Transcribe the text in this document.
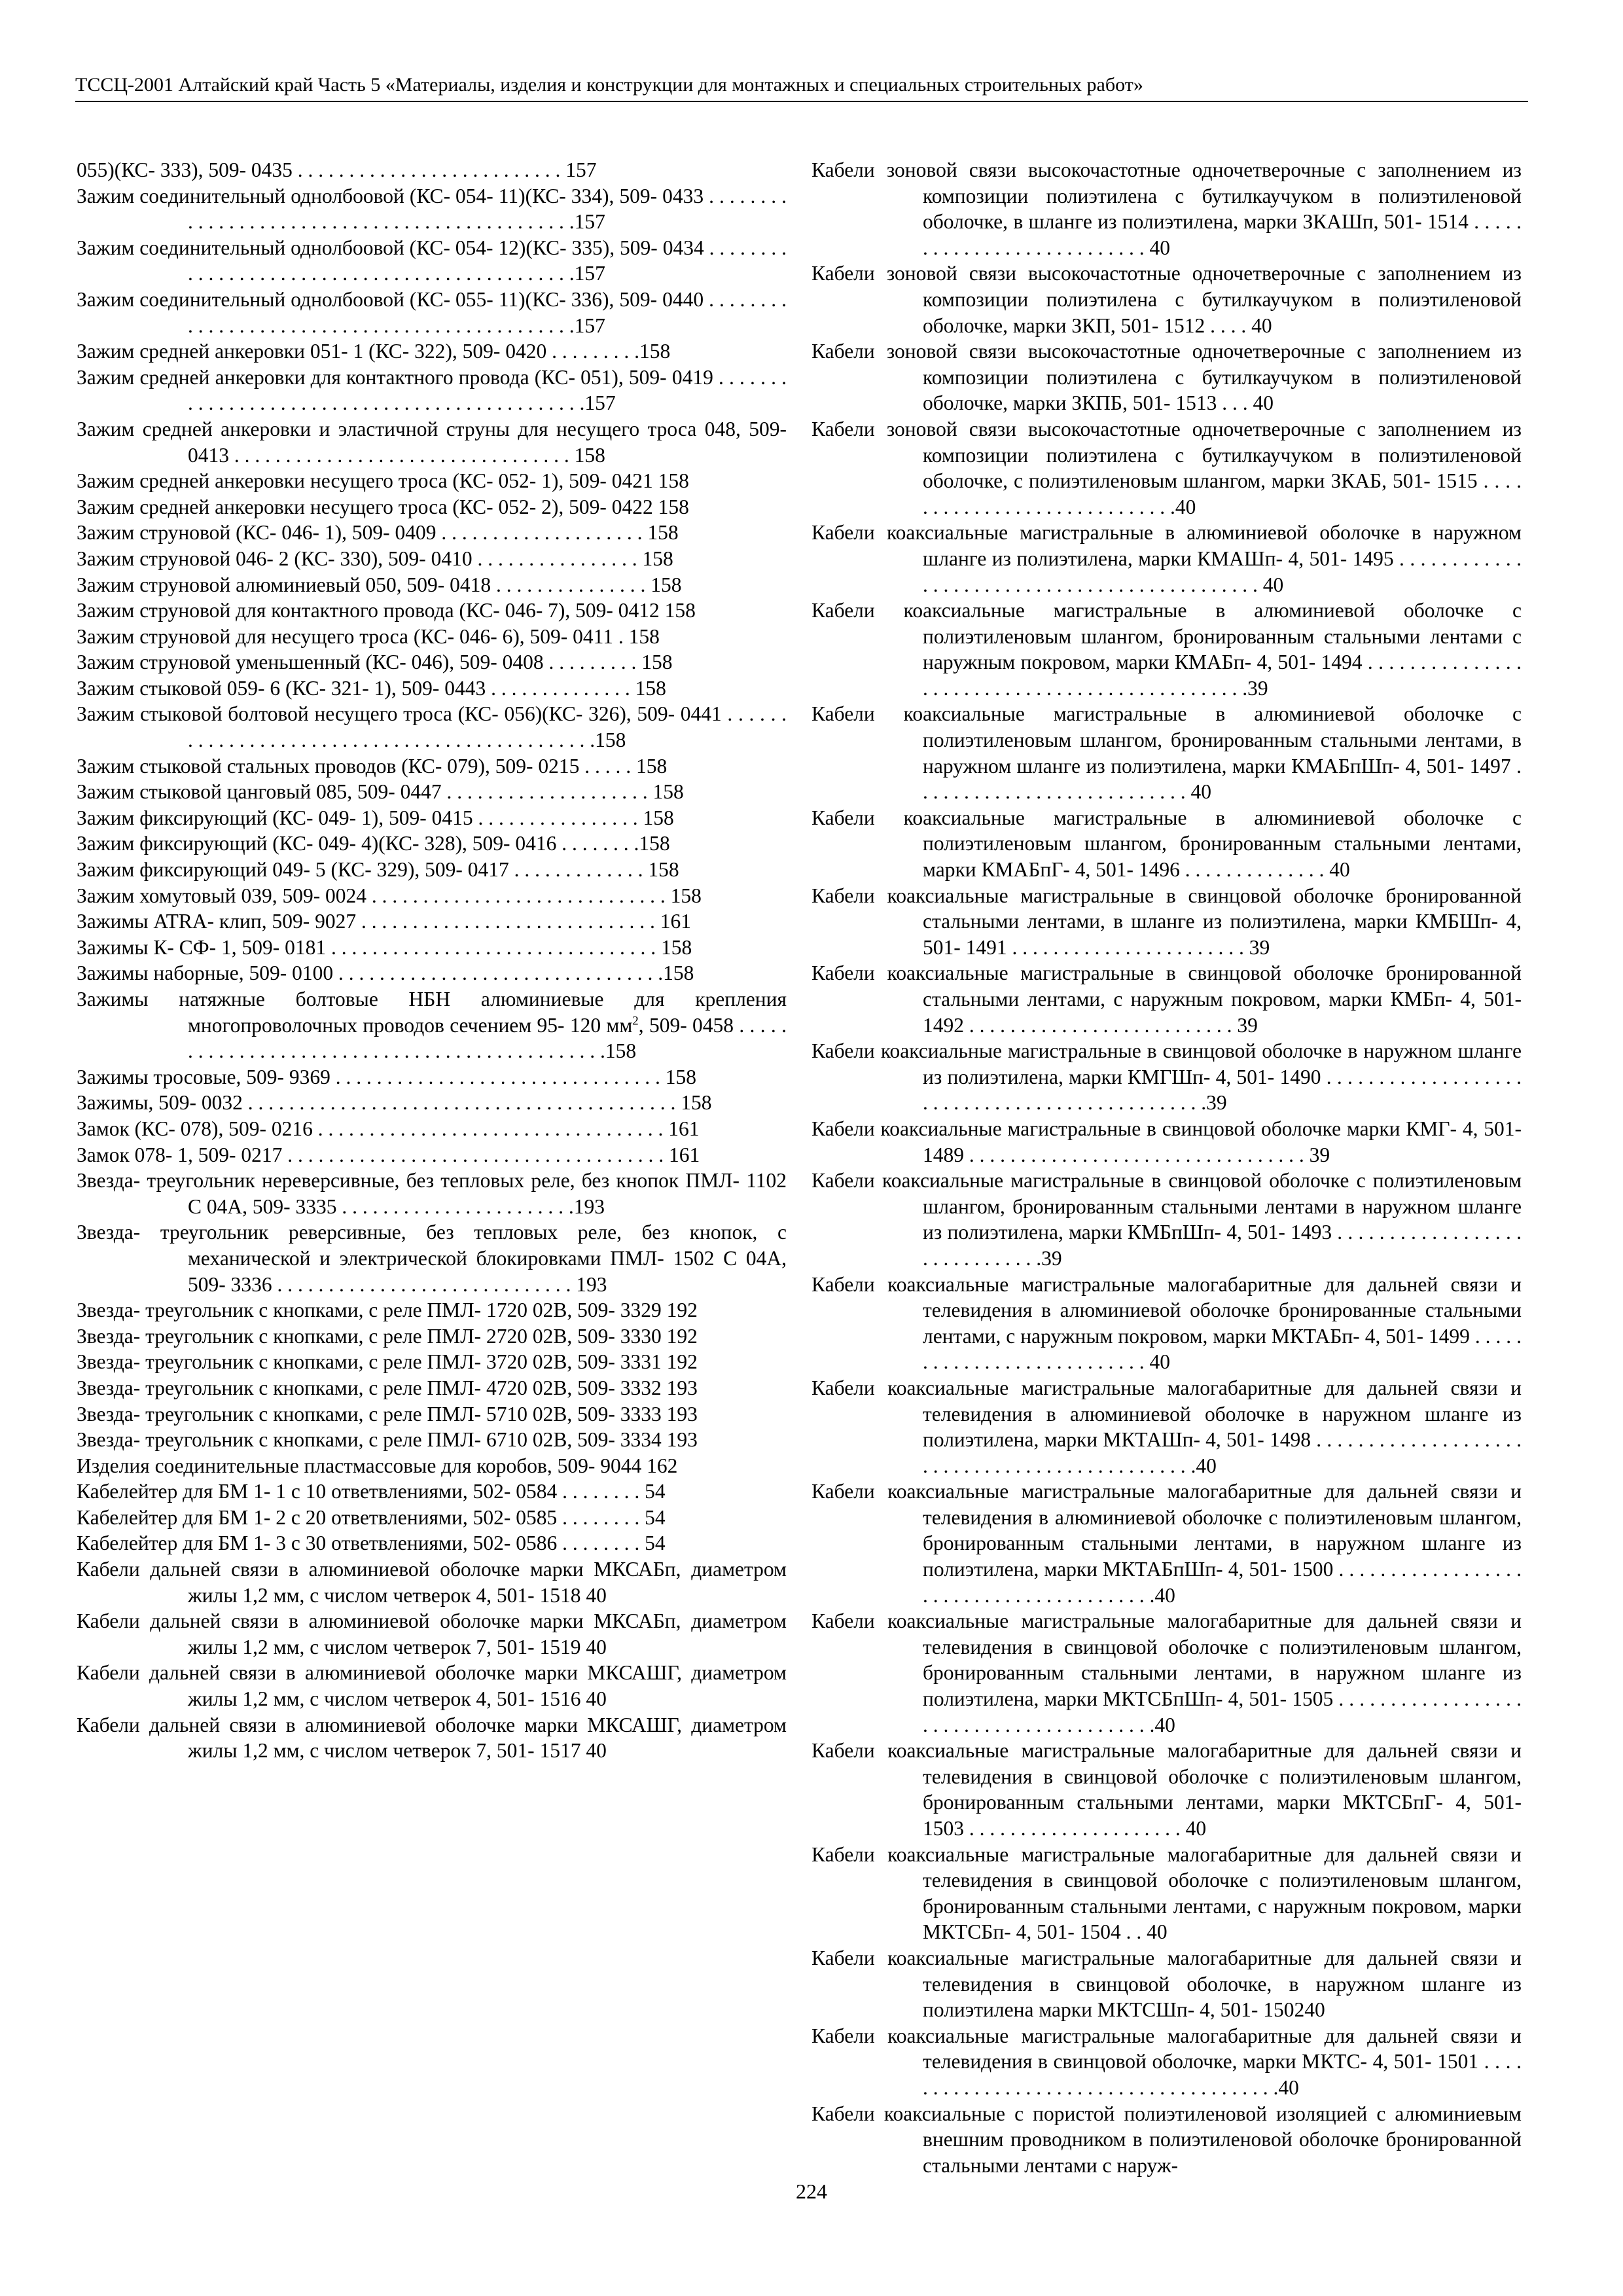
ТССЦ-2001 Алтайский край Часть 5 «Материалы, изделия и конструкции для монтажных и специальных строительных работ»

055)(КС- 333), 509- 0435 . . . . . . . . . . . . . . . . . . . . . . . . . . 157

Зажим соединительный однолбоовой (КС- 054- 11)(КС- 334), 509- 0433 . . . . . . . . . . . . . . . . . . . . . . . . . . . . . . . . . . . . . . . . . . . . . .157

Зажим соединительный однолбоовой (КС- 054- 12)(КС- 335), 509- 0434 . . . . . . . . . . . . . . . . . . . . . . . . . . . . . . . . . . . . . . . . . . . . . .157

Зажим соединительный однолбоовой (КС- 055- 11)(КС- 336), 509- 0440 . . . . . . . . . . . . . . . . . . . . . . . . . . . . . . . . . . . . . . . . . . . . . .157

Зажим средней анкеровки 051- 1 (КС- 322), 509- 0420 . . . . . . . . .158

Зажим средней анкеровки для контактного провода (КС- 051), 509- 0419 . . . . . . . . . . . . . . . . . . . . . . . . . . . . . . . . . . . . . . . . . . . . . .157

Зажим средней анкеровки и эластичной струны для несущего троса 048, 509- 0413 . . . . . . . . . . . . . . . . . . . . . . . . . . . . . . . . . 158

Зажим средней анкеровки несущего троса (КС- 052- 1), 509- 0421 158

Зажим средней анкеровки несущего троса (КС- 052- 2), 509- 0422 158

Зажим струновой (КС- 046- 1), 509- 0409 . . . . . . . . . . . . . . . . . . . . 158

Зажим струновой 046- 2 (КС- 330), 509- 0410 . . . . . . . . . . . . . . . . 158

Зажим струновой алюминиевый 050, 509- 0418 . . . . . . . . . . . . . . . 158

Зажим струновой для контактного провода (КС- 046- 7), 509- 0412 158

Зажим струновой для несущего троса (КС- 046- 6), 509- 0411 . 158

Зажим струновой уменьшенный (КС- 046), 509- 0408 . . . . . . . . . 158

Зажим стыковой 059- 6 (КС- 321- 1), 509- 0443 . . . . . . . . . . . . . . 158

Зажим стыковой болтовой несущего троса (КС- 056)(КС- 326), 509- 0441 . . . . . . . . . . . . . . . . . . . . . . . . . . . . . . . . . . . . . . . . . . . . . .158

Зажим стыковой стальных проводов (КС- 079), 509- 0215 . . . . . 158

Зажим стыковой цанговый 085, 509- 0447 . . . . . . . . . . . . . . . . . . . . 158

Зажим фиксирующий (КС- 049- 1), 509- 0415 . . . . . . . . . . . . . . . . 158

Зажим фиксирующий (КС- 049- 4)(КС- 328), 509- 0416 . . . . . . . .158

Зажим фиксирующий 049- 5 (КС- 329), 509- 0417 . . . . . . . . . . . . . 158

Зажим хомутовый 039, 509- 0024 . . . . . . . . . . . . . . . . . . . . . . . . . . . . . 158

Зажимы ATRA- клип, 509- 9027 . . . . . . . . . . . . . . . . . . . . . . . . . . . . . 161

Зажимы К- СФ- 1, 509- 0181 . . . . . . . . . . . . . . . . . . . . . . . . . . . . . . . . 158

Зажимы наборные, 509- 0100 . . . . . . . . . . . . . . . . . . . . . . . . . . . . . . . .158

Зажимы натяжные болтовые НБН алюминиевые для крепления многопроволочных проводов сечением 95- 120 $мм^2$, 509- 0458 . . . . . . . . . . . . . . . . . . . . . . . . . . . . . . . . . . . . . . . . . . . . . .158

Зажимы тросовые, 509- 9369 . . . . . . . . . . . . . . . . . . . . . . . . . . . . . . . . 158

Зажимы, 509- 0032 . . . . . . . . . . . . . . . . . . . . . . . . . . . . . . . . . . . . . . . . . . 158

Замок (КС- 078), 509- 0216 . . . . . . . . . . . . . . . . . . . . . . . . . . . . . . . . . . 161

Замок 078- 1, 509- 0217 . . . . . . . . . . . . . . . . . . . . . . . . . . . . . . . . . . . . . 161

Звезда- треугольник нереверсивные, без тепловых реле, без кнопок ПМЛ- 1102 С 04А, 509- 3335 . . . . . . . . . . . . . . . . . . . . . . .193

Звезда- треугольник реверсивные, без тепловых реле, без кнопок, с механической и электрической блокировками ПМЛ- 1502 С 04А, 509- 3336 . . . . . . . . . . . . . . . . . . . . . . . . . . . . . 193

Звезда- треугольник с кнопками, с реле ПМЛ- 1720 02В, 509- 3329 192

Звезда- треугольник с кнопками, с реле ПМЛ- 2720 02В, 509- 3330 192

Звезда- треугольник с кнопками, с реле ПМЛ- 3720 02В, 509- 3331 192

Звезда- треугольник с кнопками, с реле ПМЛ- 4720 02В, 509- 3332 193

Звезда- треугольник с кнопками, с реле ПМЛ- 5710 02В, 509- 3333 193

Звезда- треугольник с кнопками, с реле ПМЛ- 6710 02В, 509- 3334 193

Изделия соединительные пластмассовые для коробов, 509- 9044 162

Кабелейтер для БМ 1- 1 с 10 ответвлениями, 502- 0584 . . . . . . . . 54

Кабелейтер для БМ 1- 2 с 20 ответвлениями, 502- 0585 . . . . . . . . 54

Кабелейтер для БМ 1- 3 с 30 ответвлениями, 502- 0586 . . . . . . . . 54

Кабели дальней связи в алюминиевой оболочке марки МКСАБп, диаметром жилы 1,2 мм, с числом четверок 4, 501- 1518 40

Кабели дальней связи в алюминиевой оболочке марки МКСАБп, диаметром жилы 1,2 мм, с числом четверок 7, 501- 1519 40

Кабели дальней связи в алюминиевой оболочке марки МКСАШГ, диаметром жилы 1,2 мм, с числом четверок 4, 501- 1516 40

Кабели дальней связи в алюминиевой оболочке марки МКСАШГ, диаметром жилы 1,2 мм, с числом четверок 7, 501- 1517 40

Кабели зоновой связи высокочастотные одночетверочные с заполнением из композиции полиэтилена с бутилкаучуком в полиэтиленовой оболочке, в шланге из полиэтилена, марки ЗКАШп, 501- 1514 . . . . . . . . . . . . . . . . . . . . . . . . . . . 40

Кабели зоновой связи высокочастотные одночетверочные с заполнением из композиции полиэтилена с бутилкаучуком в полиэтиленовой оболочке, марки ЗКП, 501- 1512 . . . . 40

Кабели зоновой связи высокочастотные одночетверочные с заполнением из композиции полиэтилена с бутилкаучуком в полиэтиленовой оболочке, марки ЗКПБ, 501- 1513 . . . 40

Кабели зоновой связи высокочастотные одночетверочные с заполнением из композиции полиэтилена с бутилкаучуком в полиэтиленовой оболочке, с полиэтиленовым шлангом, марки ЗКАБ, 501- 1515 . . . . . . . . . . . . . . . . . . . . . . . . . . . . .40

Кабели коаксиальные магистральные в алюминиевой оболочке в наружном шланге из полиэтилена, марки КМАШп- 4, 501- 1495 . . . . . . . . . . . . . . . . . . . . . . . . . . . . . . . . . . . . . . . . . . . . . 40

Кабели коаксиальные магистральные в алюминиевой оболочке с полиэтиленовым шлангом, бронированным стальными лентами с наружным покровом, марки КМАБп- 4, 501- 1494 . . . . . . . . . . . . . . . . . . . . . . . . . . . . . . . . . . . . . . . . . . . . . . .39

Кабели коаксиальные магистральные в алюминиевой оболочке с полиэтиленовым шлангом, бронированным стальными лентами, в наружном шланге из полиэтилена, марки КМАБпШп- 4, 501- 1497 . . . . . . . . . . . . . . . . . . . . . . . . . . . 40

Кабели коаксиальные магистральные в алюминиевой оболочке с полиэтиленовым шлангом, бронированным стальными лентами, марки КМАБпГ- 4, 501- 1496 . . . . . . . . . . . . . . 40

Кабели коаксиальные магистральные в свинцовой оболочке бронированной стальными лентами, в шланге из полиэтилена, марки КМБШп- 4, 501- 1491 . . . . . . . . . . . . . . . . . . . . . . . 39

Кабели коаксиальные магистральные в свинцовой оболочке бронированной стальными лентами, с наружным покровом, марки КМБп- 4, 501- 1492 . . . . . . . . . . . . . . . . . . . . . . . . . . 39

Кабели коаксиальные магистральные в свинцовой оболочке в наружном шланге из полиэтилена, марки КМГШп- 4, 501- 1490 . . . . . . . . . . . . . . . . . . . . . . . . . . . . . . . . . . . . . . . . . . . . . . .39

Кабели коаксиальные магистральные в свинцовой оболочке марки КМГ- 4, 501- 1489 . . . . . . . . . . . . . . . . . . . . . . . . . . . . . . . . . 39

Кабели коаксиальные магистральные в свинцовой оболочке с полиэтиленовым шлангом, бронированным стальными лентами в наружном шланге из полиэтилена, марки КМБпШп- 4, 501- 1493 . . . . . . . . . . . . . . . . . . . . . . . . . . . . . .39

Кабели коаксиальные магистральные малогабаритные для дальней связи и телевидения в алюминиевой оболочке бронированные стальными лентами, с наружным покровом, марки МКТАБп- 4, 501- 1499 . . . . . . . . . . . . . . . . . . . . . . . . . . . 40

Кабели коаксиальные магистральные малогабаритные для дальней связи и телевидения в алюминиевой оболочке в наружном шланге из полиэтилена, марки МКТАШп- 4, 501- 1498 . . . . . . . . . . . . . . . . . . . . . . . . . . . . . . . . . . . . . . . . . . . . . . .40

Кабели коаксиальные магистральные малогабаритные для дальней связи и телевидения в алюминиевой оболочке с полиэтиленовым шлангом, бронированным стальными лентами, в наружном шланге из полиэтилена, марки МКТАБпШп- 4, 501- 1500 . . . . . . . . . . . . . . . . . . . . . . . . . . . . . . . . . . . . . . . . .40

Кабели коаксиальные магистральные малогабаритные для дальней связи и телевидения в свинцовой оболочке с полиэтиленовым шлангом, бронированным стальными лентами, в наружном шланге из полиэтилена, марки МКТСБпШп- 4, 501- 1505 . . . . . . . . . . . . . . . . . . . . . . . . . . . . . . . . . . . . . . . . .40

Кабели коаксиальные магистральные малогабаритные для дальней связи и телевидения в свинцовой оболочке с полиэтиленовым шлангом, бронированным стальными лентами, марки МКТСБпГ- 4, 501- 1503 . . . . . . . . . . . . . . . . . . . . . 40

Кабели коаксиальные магистральные малогабаритные для дальней связи и телевидения в свинцовой оболочке с полиэтиленовым шлангом, бронированным стальными лентами, с наружным покровом, марки МКТСБп- 4, 501- 1504 . . 40

Кабели коаксиальные магистральные малогабаритные для дальней связи и телевидения в свинцовой оболочке, в наружном шланге из полиэтилена марки МКТСШп- 4, 501- 150240

Кабели коаксиальные магистральные малогабаритные для дальней связи и телевидения в свинцовой оболочке, марки МКТС- 4, 501- 1501 . . . . . . . . . . . . . . . . . . . . . . . . . . . . . . . . . . . . . . .40

Кабели коаксиальные с пористой полиэтиленовой изоляцией с алюминиевым внешним проводником в полиэтиленовой оболочке бронированной стальными лентами с наруж-

224
